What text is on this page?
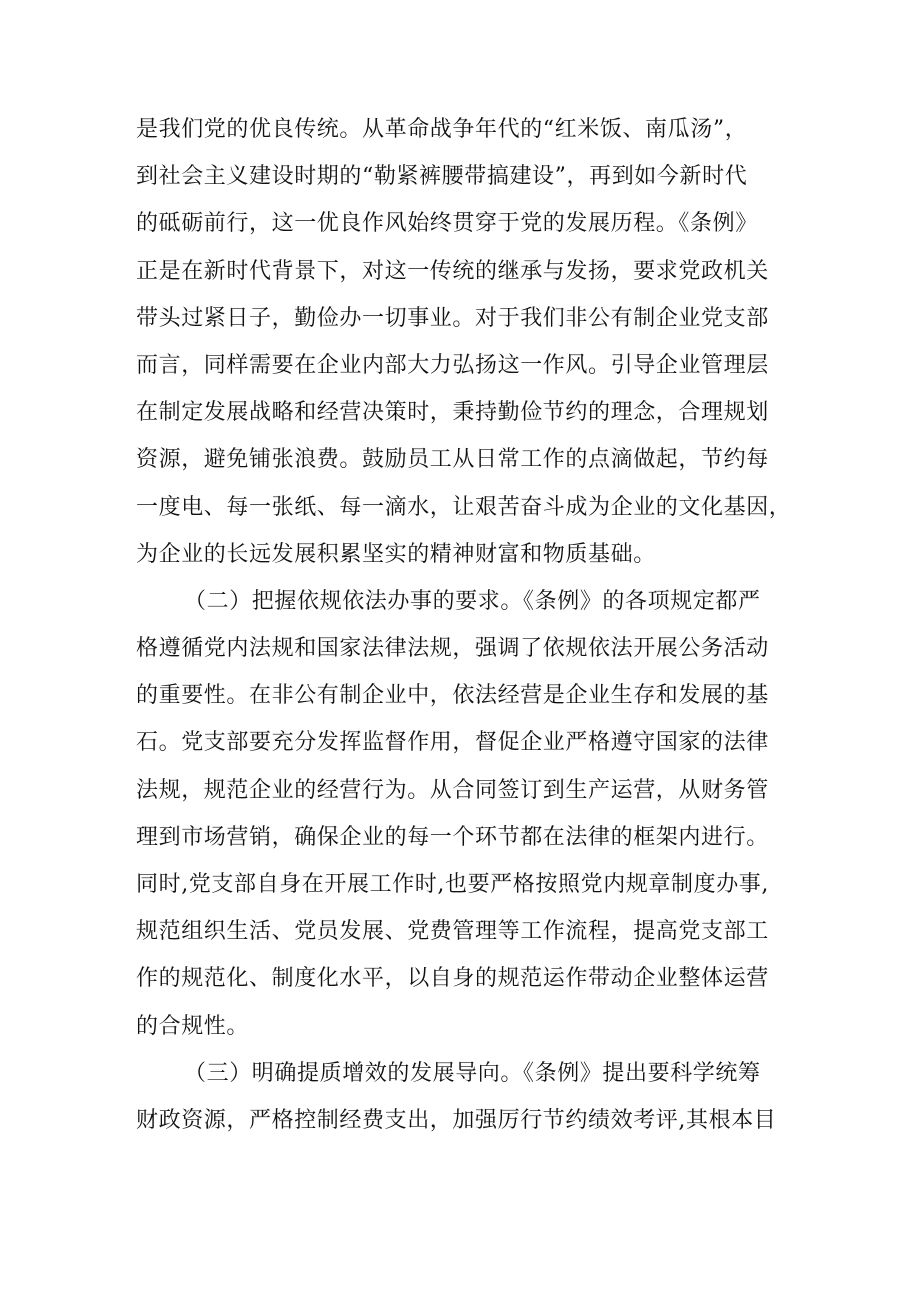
是我们党的优良传统。从革命战争年代的“红米饭、南瓜汤”，
到社会主义建设时期的“勒紧裤腰带搞建设”，再到如今新时代
的砥砺前行，这一优良作风始终贯穿于党的发展历程。《条例》
正是在新时代背景下，对这一传统的继承与发扬，要求党政机关
带头过紧日子，勤俭办一切事业。对于我们非公有制企业党支部
而言，同样需要在企业内部大力弘扬这一作风。引导企业管理层
在制定发展战略和经营决策时，秉持勤俭节约的理念，合理规划
资源，避免铺张浪费。鼓励员工从日常工作的点滴做起，节约每
一度电、每一张纸、每一滴水，让艰苦奋斗成为企业的文化基因，
为企业的长远发展积累坚实的精神财富和物质基础。
（二）把握依规依法办事的要求。《条例》的各项规定都严
格遵循党内法规和国家法律法规，强调了依规依法开展公务活动
的重要性。在非公有制企业中，依法经营是企业生存和发展的基
石。党支部要充分发挥监督作用，督促企业严格遵守国家的法律
法规，规范企业的经营行为。从合同签订到生产运营，从财务管
理到市场营销，确保企业的每一个环节都在法律的框架内进行。
同时,党支部自身在开展工作时,也要严格按照党内规章制度办事,
规范组织生活、党员发展、党费管理等工作流程，提高党支部工
作的规范化、制度化水平，以自身的规范运作带动企业整体运营
的合规性。
（三）明确提质增效的发展导向。《条例》提出要科学统筹
财政资源，严格控制经费支出，加强厉行节约绩效考评,其根本目
